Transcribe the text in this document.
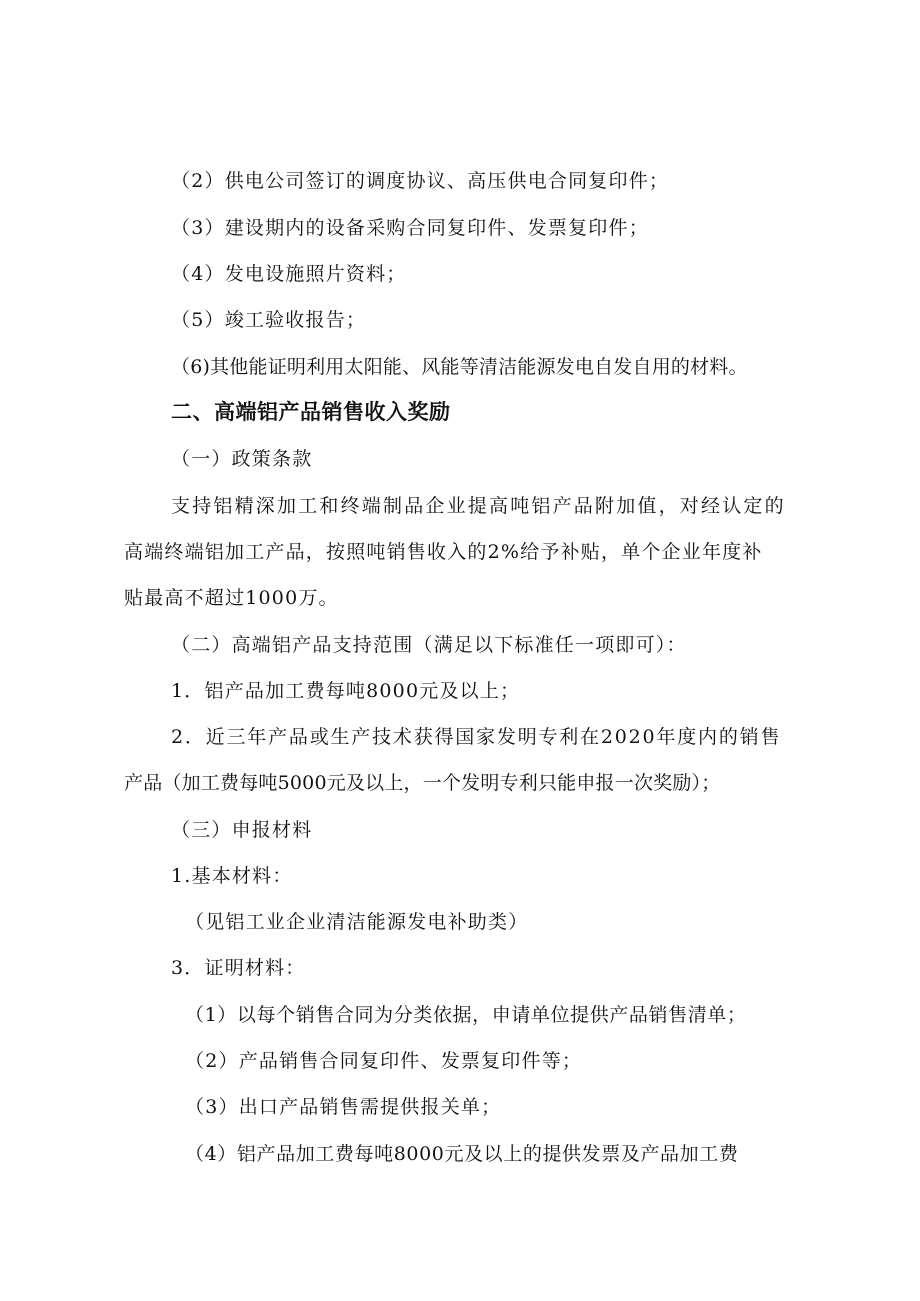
（2）供电公司签订的调度协议、高压供电合同复印件；
（3）建设期内的设备采购合同复印件、发票复印件；
（4）发电设施照片资料；
（5）竣工验收报告；
（6)其他能证明利用太阳能、风能等清洁能源发电自发自用的材料。
二、高端铝产品销售收入奖励
（一）政策条款
支持铝精深加工和终端制品企业提高吨铝产品附加值，对经认定的
高端终端铝加工产品，按照吨销售收入的2%给予补贴，单个企业年度补
贴最高不超过1000万。
（二）高端铝产品支持范围（满足以下标准任一项即可）：
1．铝产品加工费每吨8000元及以上；
2．近三年产品或生产技术获得国家发明专利在2020年度内的销售
产品（加工费每吨5000元及以上，一个发明专利只能申报一次奖励）；
（三）申报材料
1.基本材料：
（见铝工业企业清洁能源发电补助类）
3．证明材料：
（1）以每个销售合同为分类依据，申请单位提供产品销售清单；
（2）产品销售合同复印件、发票复印件等；
（3）出口产品销售需提供报关单；
（4）铝产品加工费每吨8000元及以上的提供发票及产品加工费
